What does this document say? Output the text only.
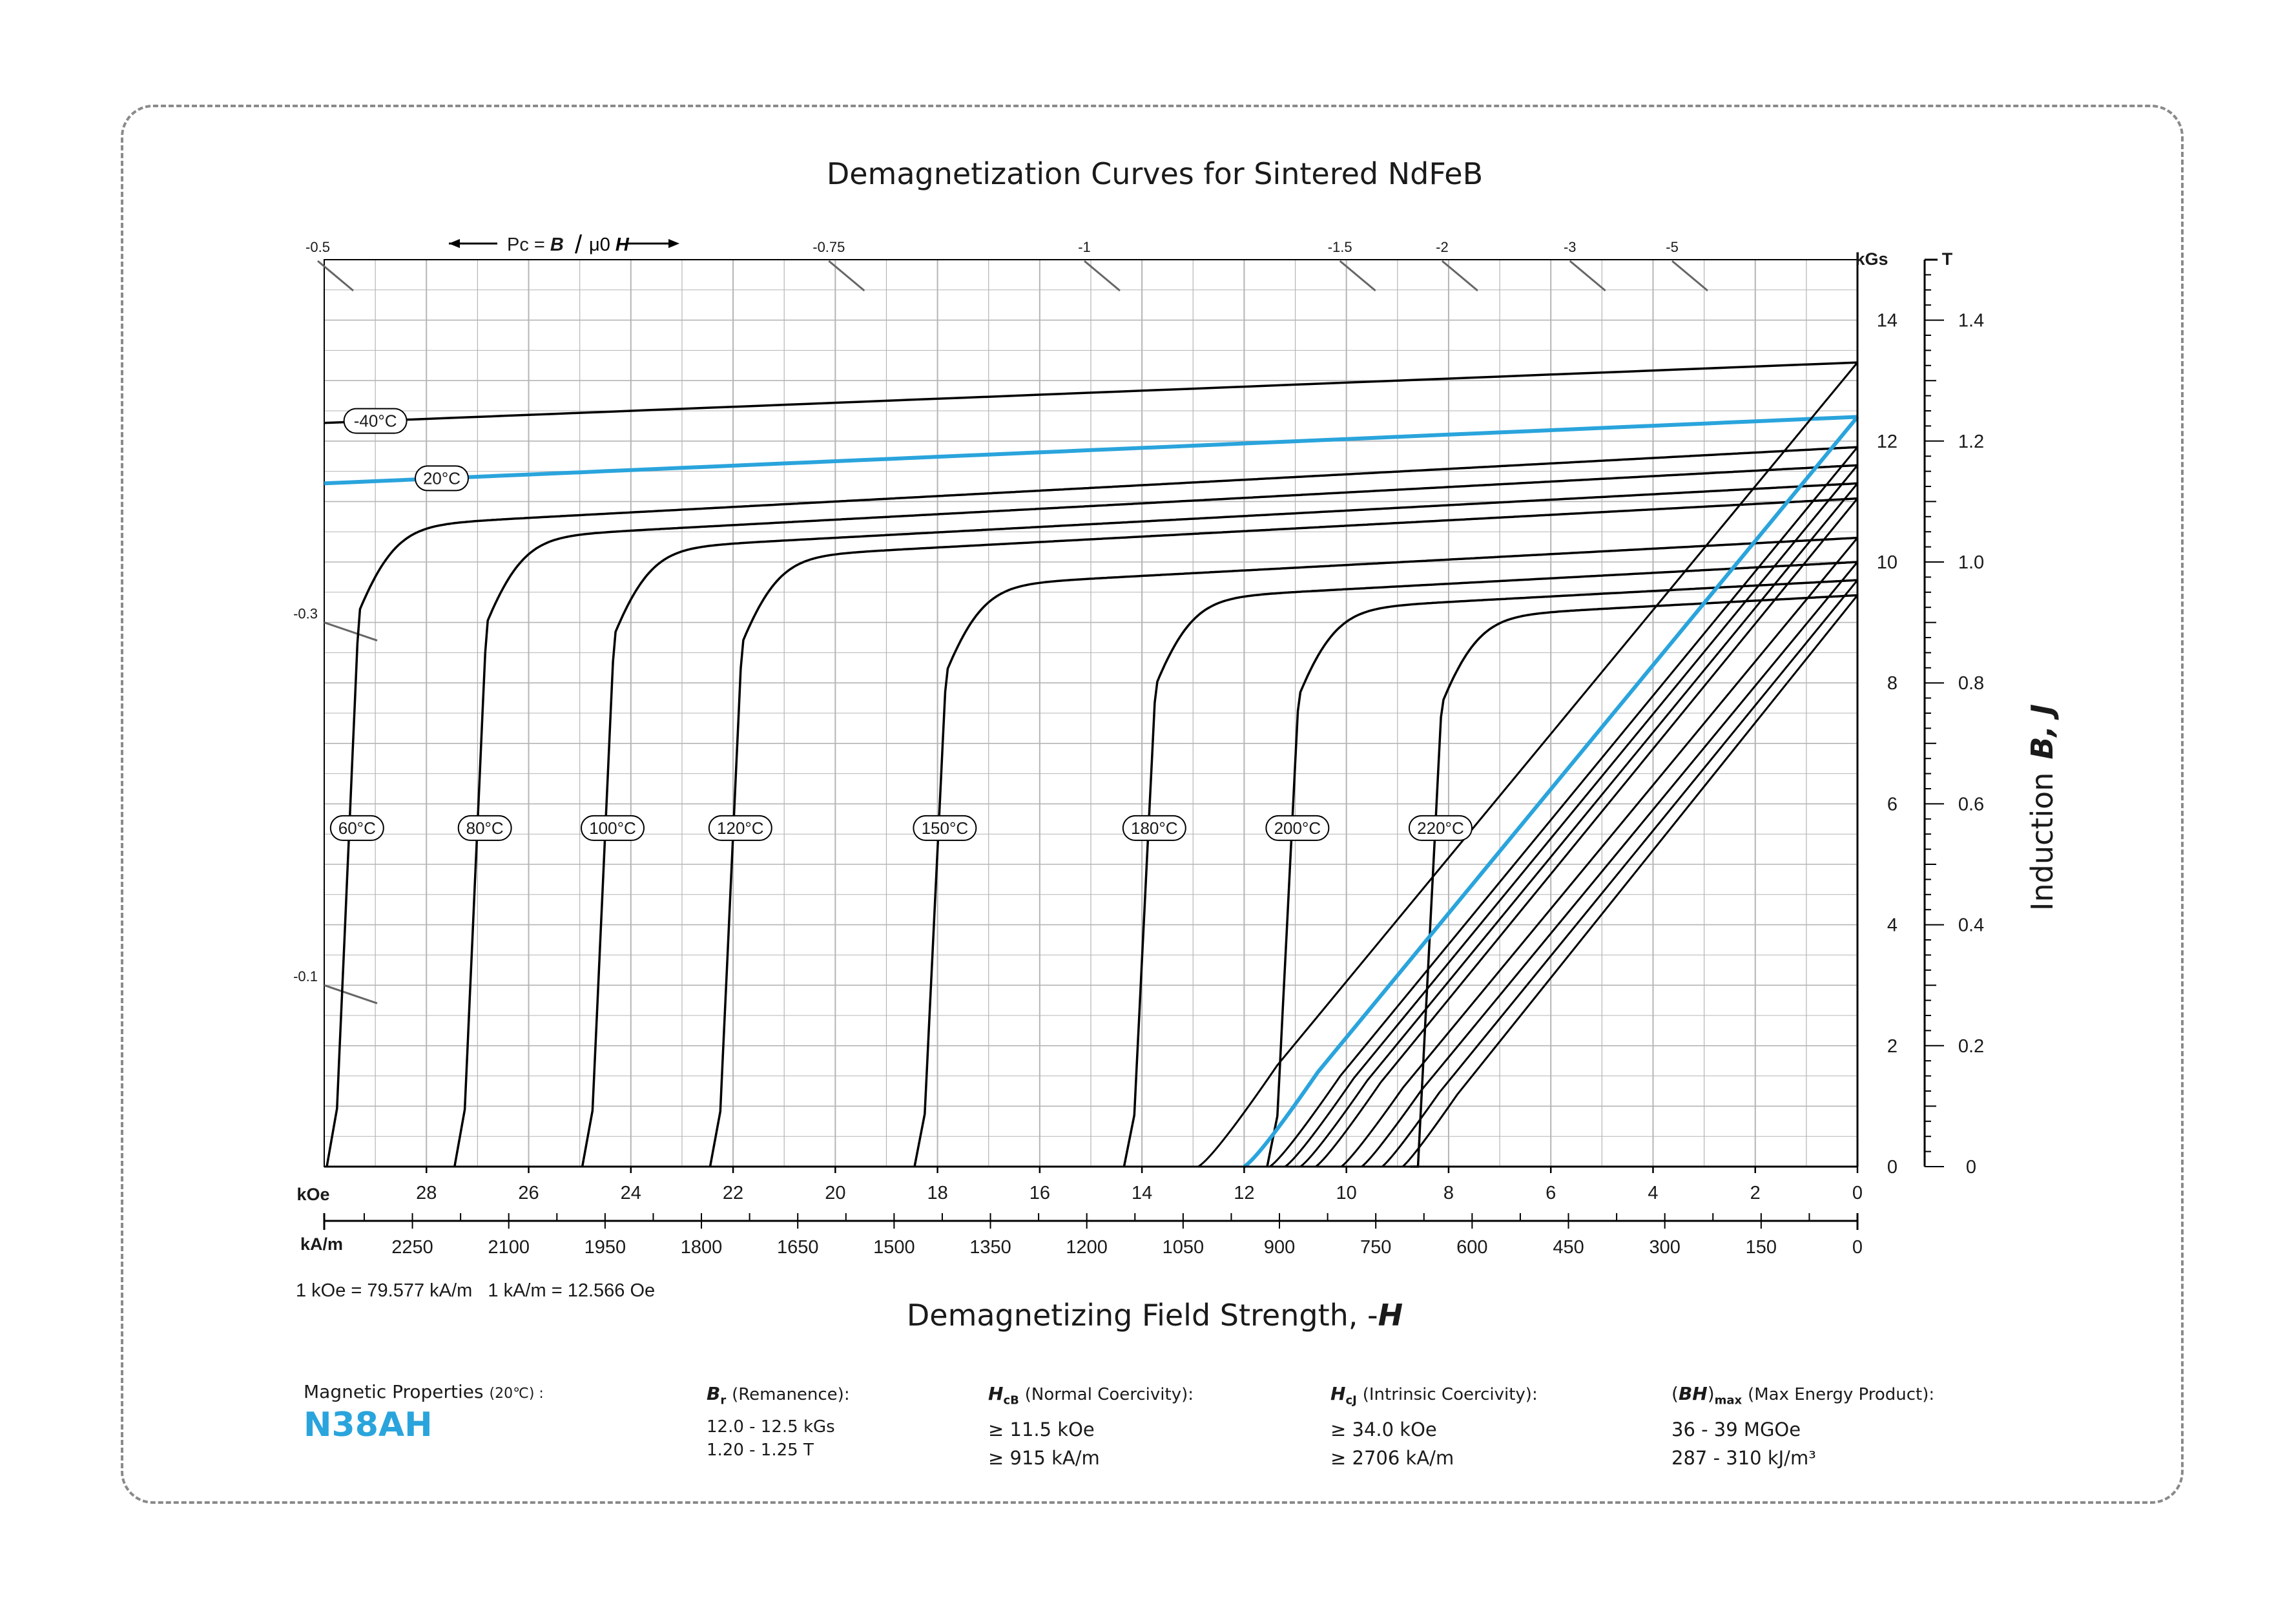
Demagnetization Curves for Sintered NdFeB
-0.5	-0.75	-1	-1.5	-2	-3	-5
-0.3
-0.1
-40°C
20°C
60°C	80°C	100°C	120°C	150°C	180°C	200°C	220°C
28	26	24	22	20	18	16	14	12	10	8	6	4	2	0
2250	2100	1950	1800	1650	1500	1350	1200	1050	900	750	600	450	300	150	0
0	0
2	0.2
4	0.4
6	0.6
8	0.8
10	1.0
12	1.2
14	1.4
Pc = B / μ0 H
kGs	T
kOe
kA/m
1 kOe = 79.577 kA/m   1 kA/m = 12.566 Oe
Demagnetizing Field Strength, -H
InductionB, J
Magnetic Properties (20℃) :
N38AH
$B_r$ (Remanence):
12.0 - 12.5 kGs
1.20 - 1.25 T
$H_{cB}$ (Normal Coercivity):
≥ 11.5 kOe
≥ 915 kA/m
$H_{cJ}$ (Intrinsic Coercivity):
≥ 34.0 kOe
≥ 2706 kA/m
$(BH)_{max}$ (Max Energy Product):
36 - 39 MGOe
287 - 310 kJ/m³
